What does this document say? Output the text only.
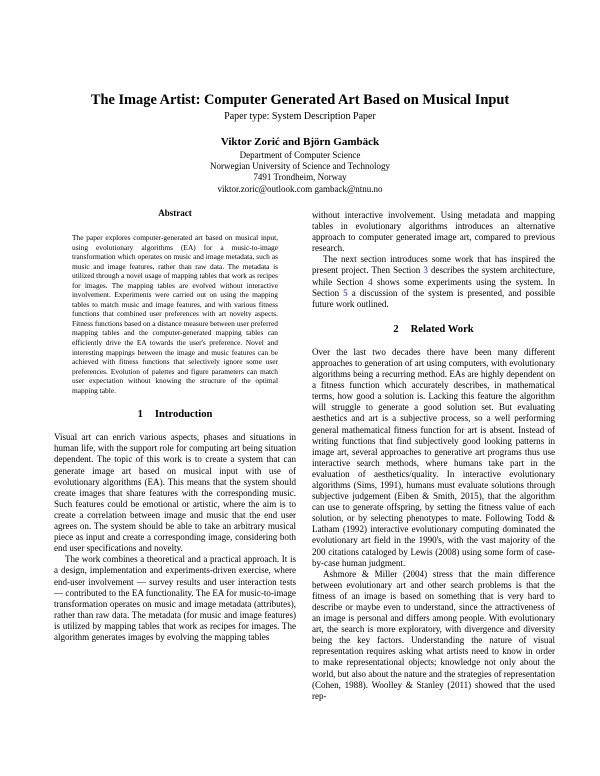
The Image Artist: Computer Generated Art Based on Musical Input
Paper type: System Description Paper
Viktor Zorić and Björn Gambäck
Department of Computer Science
Norwegian University of Science and Technology
7491 Trondheim, Norway
viktor.zoric@outlook.com gamback@ntnu.no
Abstract

The paper explores computer-generated art based on musical input, using evolutionary algorithms (EA) for a music-to-image transformation which operates on music and image metadata, such as music and image features, rather than raw data. The metadata is utilized through a novel usage of mapping tables that work as recipes for images. The mapping tables are evolved without interactive involvement. Experiments were carried out on using the mapping tables to match music and image features, and with various fitness functions that combined user preferences with art novelty aspects. Fitness functions based on a distance measure between user preferred mapping tables and the computer-generated mapping tables can efficiently drive the EA towards the user's preference. Novel and interesting mappings between the image and music features can be achieved with fitness functions that selectively ignore some user preferences. Evolution of palettes and figure parameters can match user expectation without knowing the structure of the optimal mapping table.

1 Introduction

Visual art can enrich various aspects, phases and situations in human life, with the support role for computing art being situation dependent. The topic of this work is to create a system that can generate image art based on musical input with use of evolutionary algorithms (EA). This means that the system should create images that share features with the corresponding music. Such features could be emotional or artistic, where the aim is to create a correlation between image and music that the end user agrees on. The system should be able to take an arbitrary musical piece as input and create a corresponding image, considering both end user specifications and novelty.

The work combines a theoretical and a practical approach. It is a design, implementation and experiments-driven exercise, where end-user involvement — survey results and user interaction tests — contributed to the EA functionality. The EA for music-to-image transformation operates on music and image metadata (attributes), rather than raw data. The metadata (for music and image features) is utilized by mapping tables that work as recipes for images. The algorithm generates images by evolving the mapping tables

without interactive involvement. Using metadata and mapping tables in evolutionary algorithms introduces an alternative approach to computer generated image art, compared to previous research.

The next section introduces some work that has inspired the present project. Then Section 3 describes the system architecture, while Section 4 shows some experiments using the system. In Section 5 a discussion of the system is presented, and possible future work outlined.

2 Related Work

Over the last two decades there have been many different approaches to generation of art using computers, with evolutionary algorithms being a recurring method. EAs are highly dependent on a fitness function which accurately describes, in mathematical terms, how good a solution is. Lacking this feature the algorithm will struggle to generate a good solution set. But evaluating aesthetics and art is a subjective process, so a well performing general mathematical fitness function for art is absent. Instead of writing functions that find subjectively good looking patterns in image art, several approaches to generative art programs thus use interactive search methods, where humans take part in the evaluation of aesthetics/quality. In interactive evolutionary algorithms (Sims, 1991), humans must evaluate solutions through subjective judgement (Eiben & Smith, 2015), that the algorithm can use to generate offspring, by setting the fitness value of each solution, or by selecting phenotypes to mate. Following Todd & Latham (1992) interactive evolutionary computing dominated the evolutionary art field in the 1990's, with the vast majority of the 200 citations cataloged by Lewis (2008) using some form of case-by-case human judgment.

Ashmore & Miller (2004) stress that the main difference between evolutionary art and other search problems is that the fitness of an image is based on something that is very hard to describe or maybe even to understand, since the attractiveness of an image is personal and differs among people. With evolutionary art, the search is more exploratory, with divergence and diversity being the key factors. Understanding the nature of visual representation requires asking what artists need to know in order to make representational objects; knowledge not only about the world, but also about the nature and the strategies of representation (Cohen, 1988). Woolley & Stanley (2011) showed that the used rep-
